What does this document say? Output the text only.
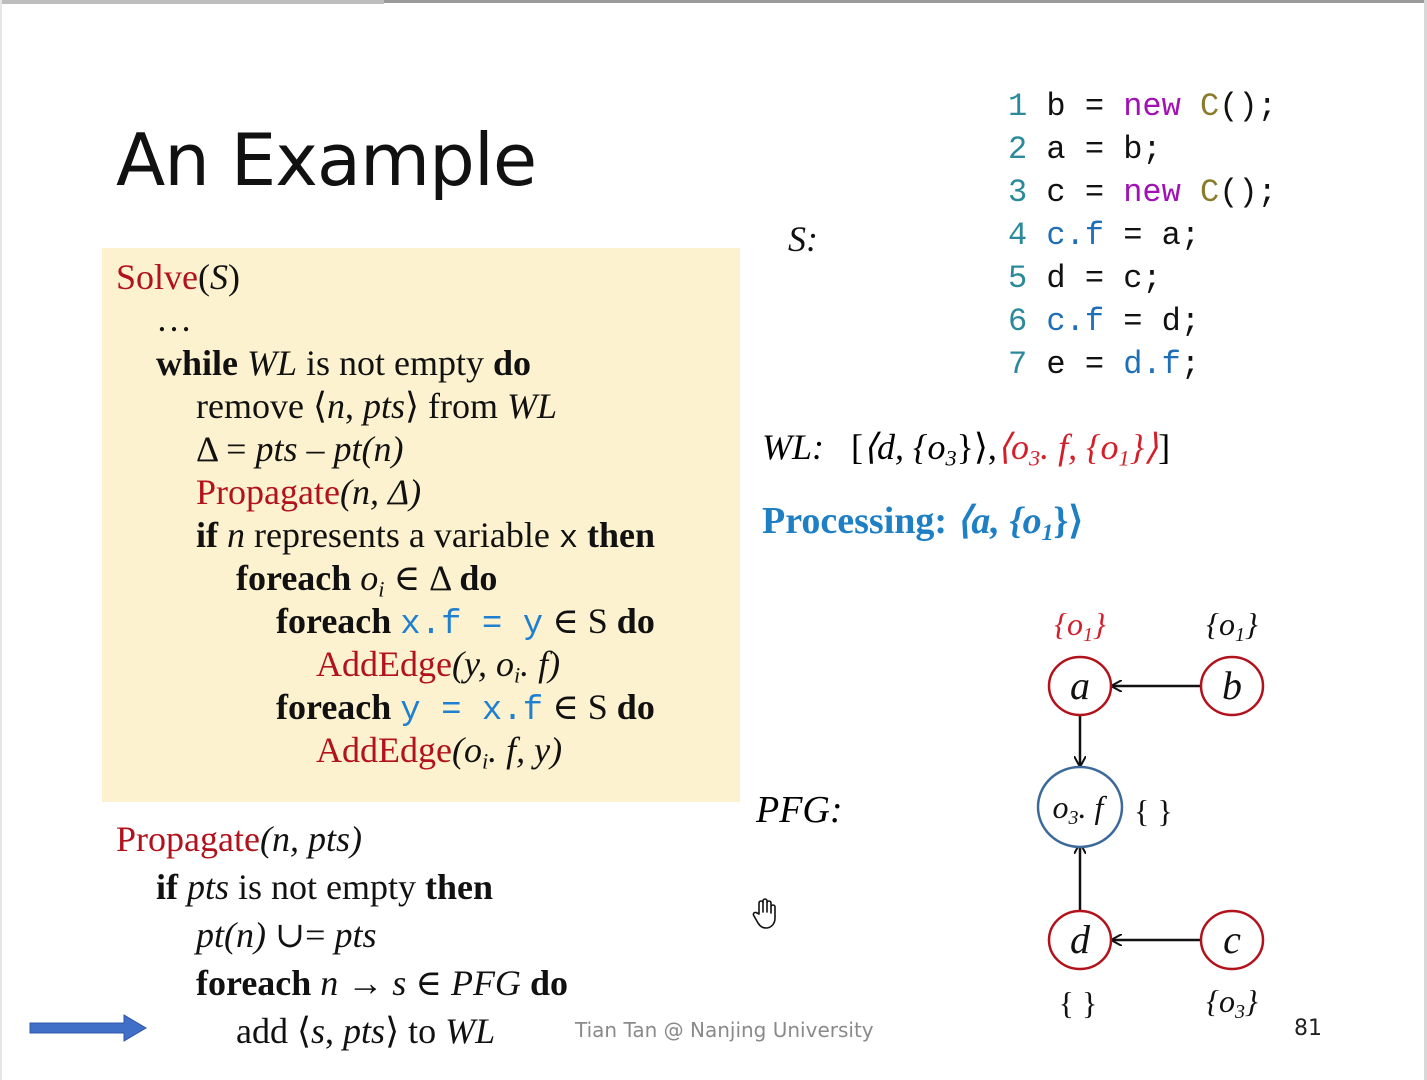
An Example
Solve(S)
…
while WL is not empty do
remove ⟨n, pts⟩ from WL
Δ = pts – pt(n)
Propagate(n, Δ)
if n represents a variable x then
foreach $o_i$ ∈ Δ do
foreach x.f = y ∈ S do
AddEdge(y, $o_i$. f)
foreach y = x.f ∈ S do
$AddEdge(o_i$. f, y)
Propagate(n, pts)
if pts is not empty then
pt(n) ∪= pts
foreach n → s ∈ PFG do
add ⟨s, pts⟩ to WL
S:
1 b = new C();
2 a = b;
3 c = new C();
4 c.f = a;
5 d = c;
6 c.f = d;
7 e = d.f;
WL: [⟨d, $\{o_3\}⟩,⟨o_3$. f, $\{o_1\}⟩$]
Processing: ⟨a, $\{o_1\}⟩$
PFG:
a
{o1}
b
{o1}
o3. f { }
d
{ }
c
{o3}
Tian Tan @ Nanjing University	81
